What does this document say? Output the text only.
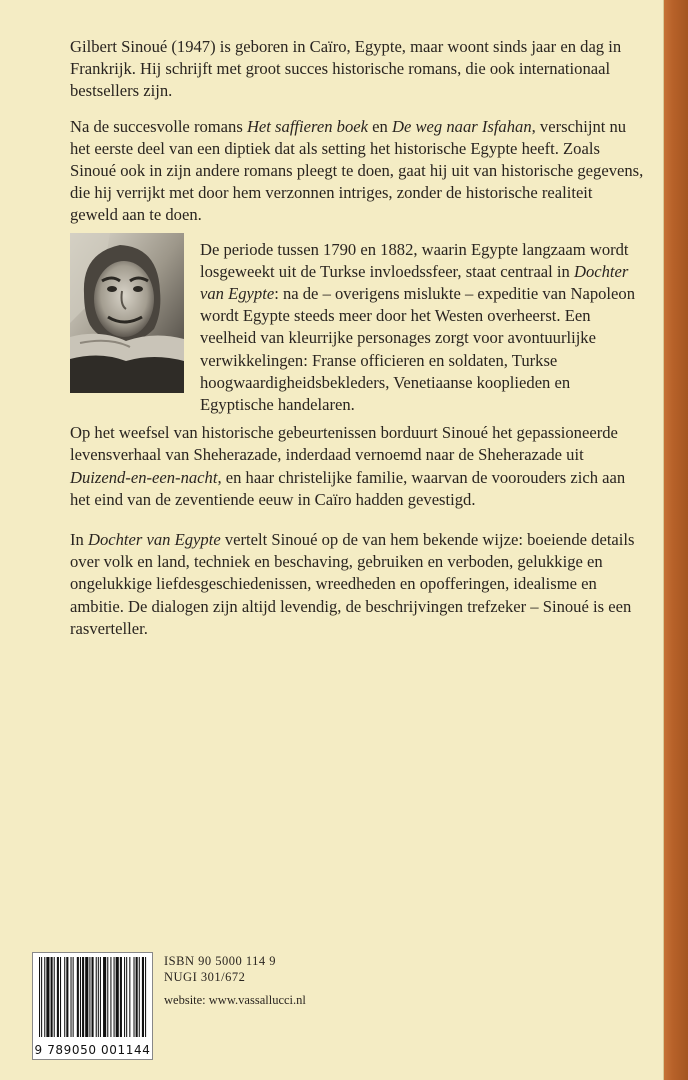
Gilbert Sinoué (1947) is geboren in Caïro, Egypte, maar woont sinds jaar en dag in Frankrijk. Hij schrijft met groot succes historische romans, die ook internationaal bestsellers zijn.

Na de succesvolle romans Het saffieren boek en De weg naar Isfahan, verschijnt nu het eerste deel van een diptiek dat als setting het historische Egypte heeft. Zoals Sinoué ook in zijn andere romans pleegt te doen, gaat hij uit van historische gegevens, die hij verrijkt met door hem verzonnen intriges, zonder de historische realiteit geweld aan te doen.

De periode tussen 1790 en 1882, waarin Egypte langzaam wordt losgeweekt uit de Turkse invloedssfeer, staat centraal in Dochter van Egypte: na de – overigens mislukte – expeditie van Napoleon wordt Egypte steeds meer door het Westen overheerst. Een veelheid van kleurrijke personages zorgt voor avontuurlijke verwikkelingen: Franse officieren en soldaten, Turkse hoogwaardigheidsbekleders, Venetiaanse kooplieden en Egyptische handelaren.

Op het weefsel van historische gebeurtenissen borduurt Sinoué het gepassioneerde levensverhaal van Sheherazade, inderdaad vernoemd naar de Sheherazade uit Duizend-en-een-nacht, en haar christelijke familie, waarvan de voorouders zich aan het eind van de zeventiende eeuw in Caïro hadden gevestigd.

In Dochter van Egypte vertelt Sinoué op de van hem bekende wijze: boeiende details over volk en land, techniek en beschaving, gebruiken en verboden, gelukkige en ongelukkige liefdesgeschiedenissen, wreedheden en opofferingen, idealisme en ambitie. De dialogen zijn altijd levendig, de beschrijvingen trefzeker – Sinoué is een rasverteller.

9 789050 001144
ISBN 90 5000 114 9
NUGI 301/672
website: www.vassallucci.nl
